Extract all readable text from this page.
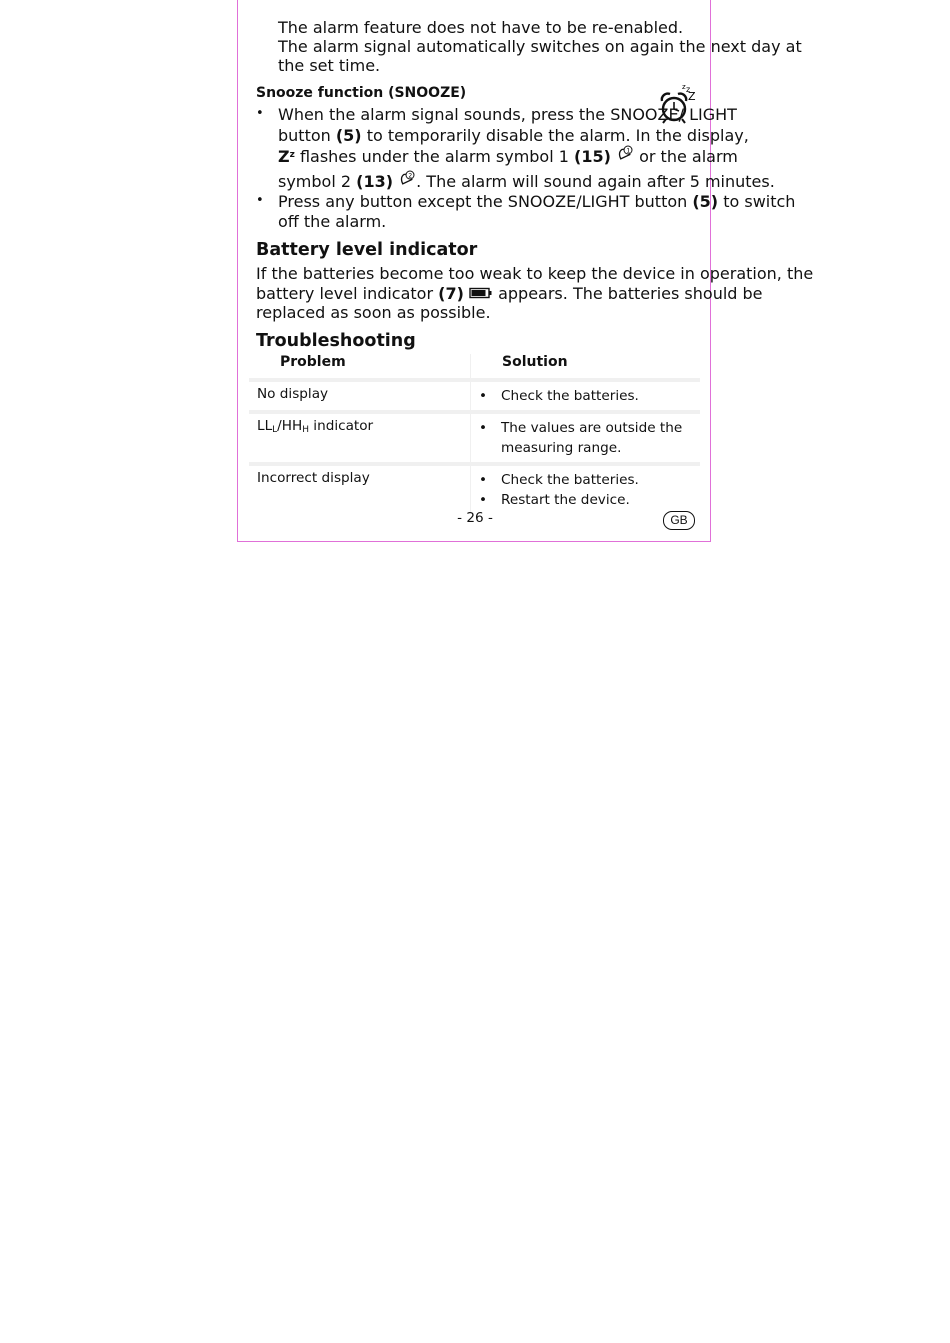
The alarm feature does not have to be re-enabled.
The alarm signal automatically switches on again the next day at
the set time.
Snooze function (SNOOZE)	z z
Z
• When the alarm signal sounds, press the SNOOZE/ LIGHT
button (5) to temporarily disable the alarm. In the display,
$Z^z$ flashes under the alarm symbol 1 (15)	1 or the alarm
symbol 2 (13)	2 . The alarm will sound again after 5 minutes.
• Press any button except the SNOOZE/LIGHT button (5) to switch
off the alarm.
Battery level indicator
If the batteries become too weak to keep the device in operation, the
battery level indicator (7)  appears. The batteries should be
replaced as soon as possible.
Troubleshooting
Problem	Solution

No display	• Check the batteries.

$LL_L/HH_H$ indicator	• The values are outside the
measuring range.

Incorrect display	• Check the batteries.
• Restart the device.
- 26 -	GB
